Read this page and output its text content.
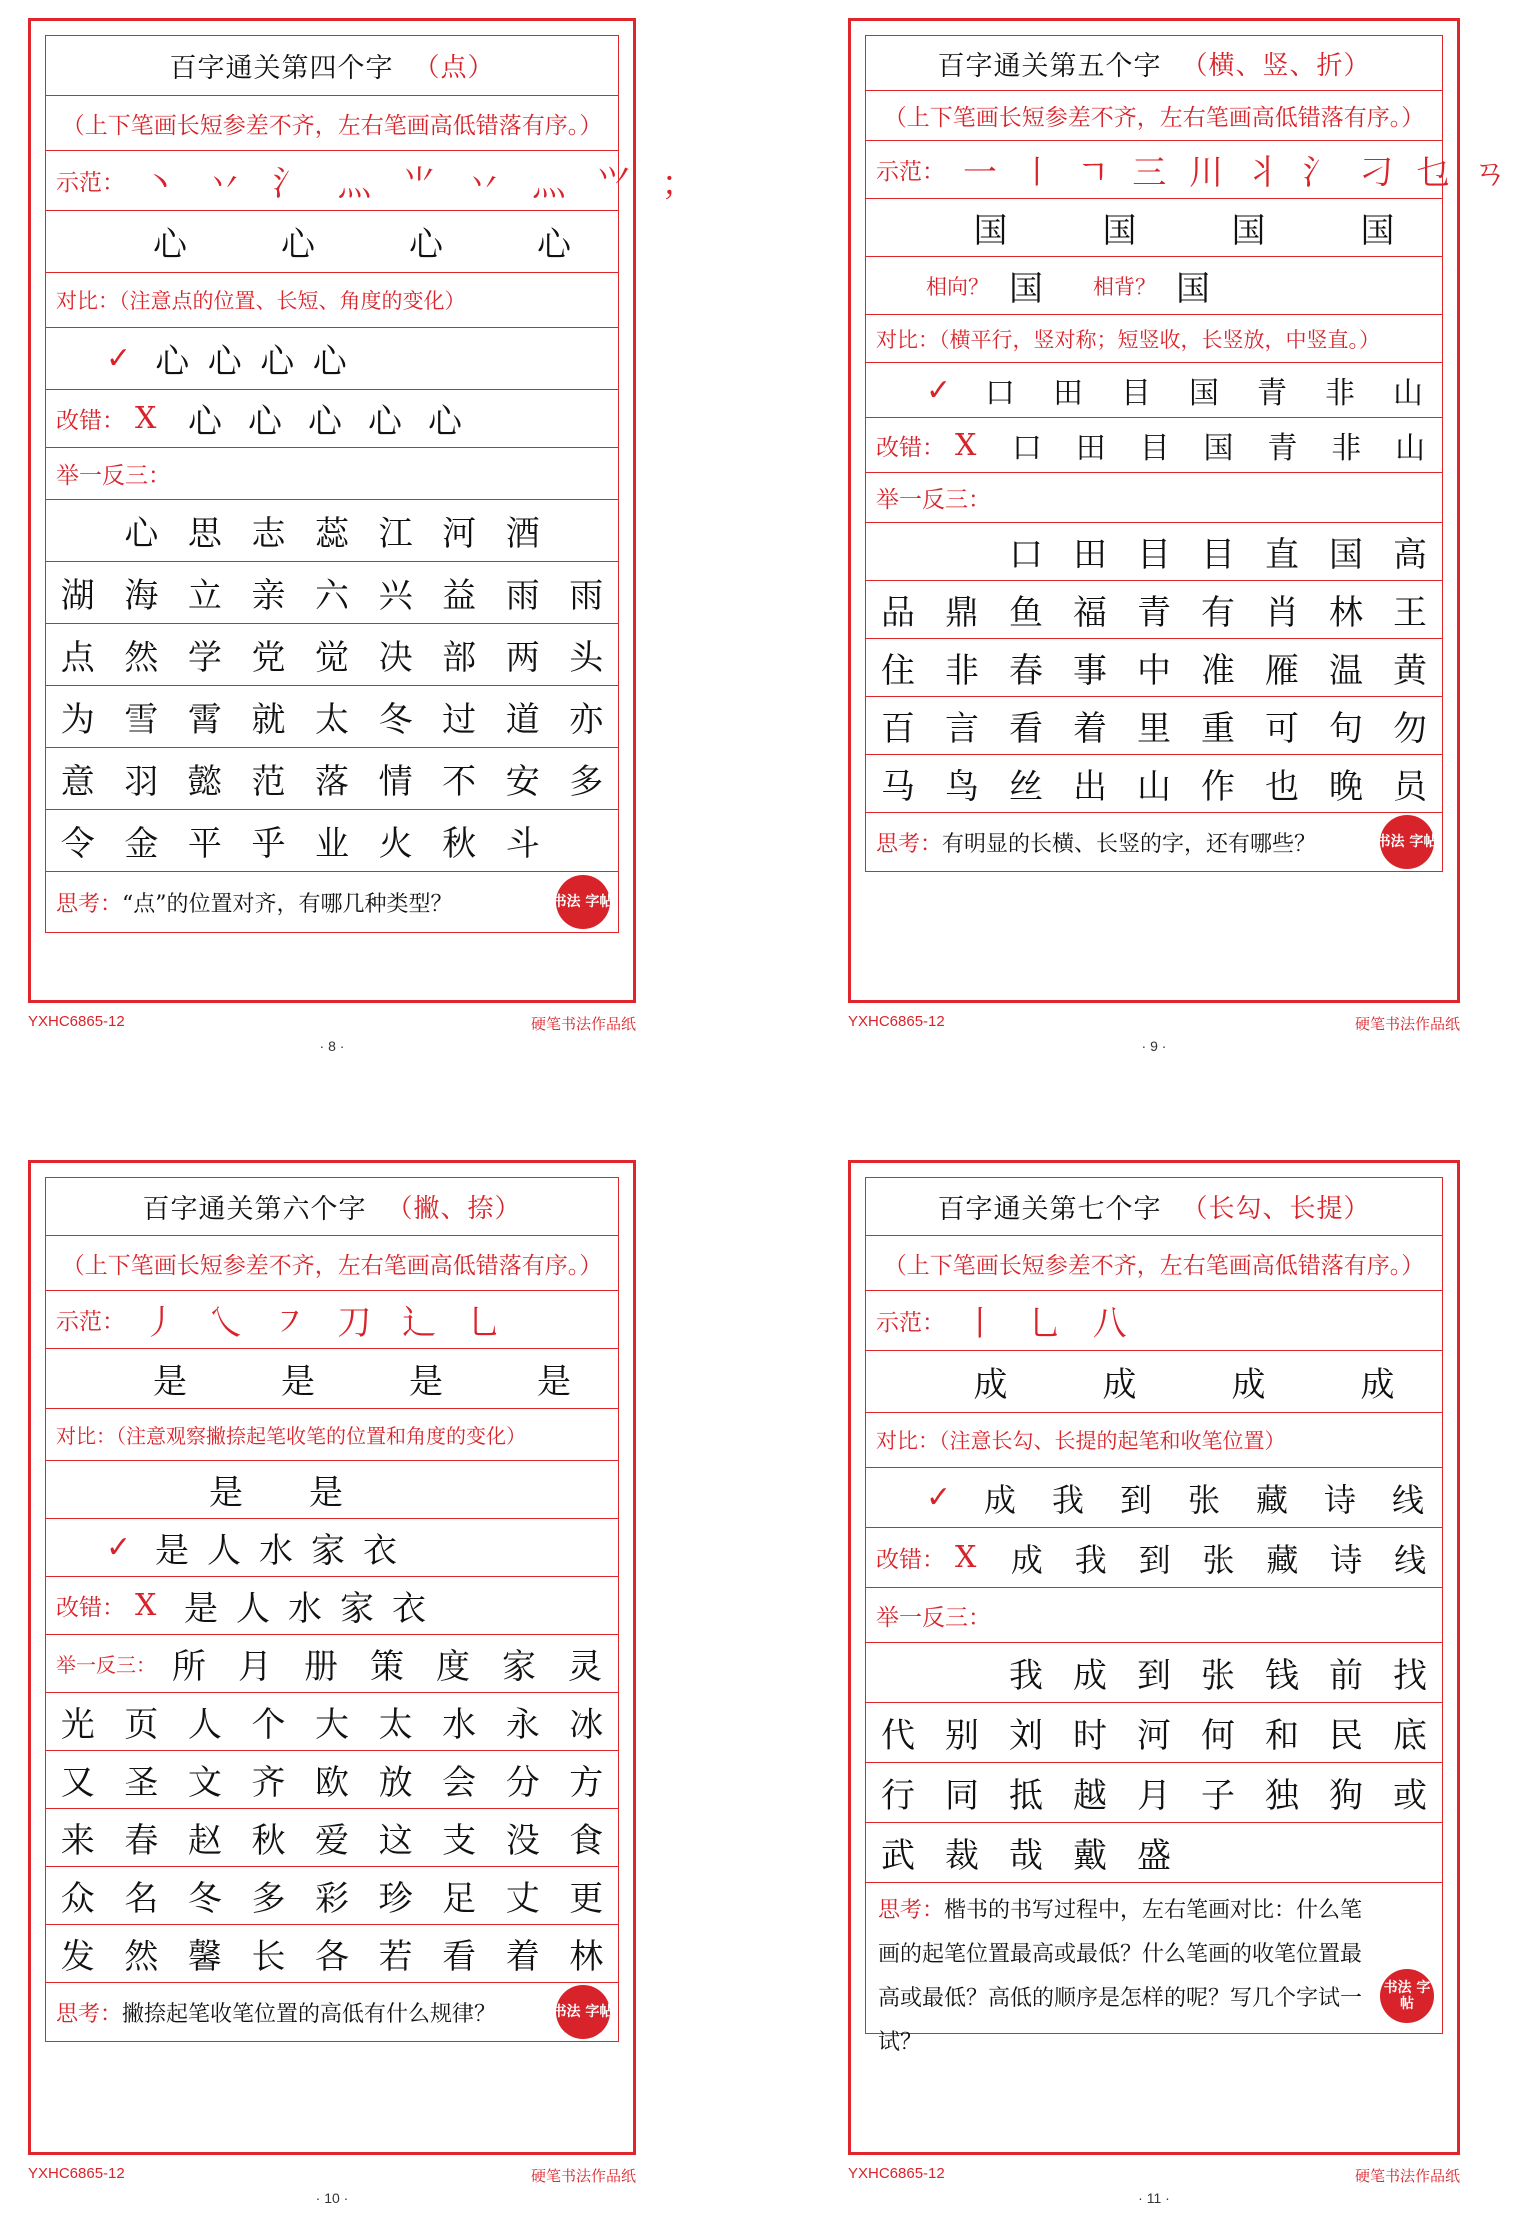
百字通关第四个字 （点）
（上下笔画长短参差不齐，左右笔画高低错落有序。）
示范： 丶 丷 氵 灬 ⺌ 丷 灬 ⺍ ；
心	心	心	心
对比：（注意点的位置、长短、角度的变化）
✓ 心 心 心 心
改错： X 心 心 心 心 心
举一反三：
心 思 志 蕊 江 河 酒
湖 海 立 亲 六 兴 益 雨 雨
点 然 学 党 觉 决 部 两 头
为 雪 霄 就 太 冬 过 道 亦
意 羽 懿 范 落 情 不 安 多
令 金 平 乎 业 火 秋 斗
思考： “点”的位置对齐，有哪几种类型？	书法 字帖
YXHC6865-12	硬笔书法作品纸
· 8 ·
百字通关第五个字 （横、竖、折）
（上下笔画长短参差不齐，左右笔画高低错落有序。）
示范： 一 〡 ㄱ 三 川 ⺦ ⺡ 刁 乜 ㄢ
国	国	国	国
相向？ 国	相背？ 国
对比：（横平行，竖对称；短竖收，长竖放，中竖直。）
✓	口	田	目	国	青	非	山
改错： X	口	田	目	国	青	非	山
举一反三：
口 田 目 目 直 国 高
品 鼎 鱼 福 青 有 肖 林 王
住 非 春 事 中 准 雁 温 黄
百 言 看 着 里 重 可 句 勿
马 鸟 丝 出 山 作 也 晚 员
思考： 有明显的长横、长竖的字，还有哪些？	书法 字帖
YXHC6865-12	硬笔书法作品纸
· 9 ·
百字通关第六个字 （撇、捺）
（上下笔画长短参差不齐，左右笔画高低错落有序。）
示范： 丿 乀 ㇇ 刀 ⻌ 乚
是	是	是	是
对比：（注意观察撇捺起笔收笔的位置和角度的变化）
是	是
✓ 是 人 水 家 衣
改错： X 是 人 水 家 衣
举一反三： 所 月 册 策 度 家 灵
光 页 人 个 大 太 水 永 冰
又 圣 文 齐 欧 放 会 分 方
来 春 赵 秋 爱 这 支 没 食
众 名 冬 多 彩 珍 足 丈 更
发 然 馨 长 各 若 看 着 林
思考： 撇捺起笔收笔位置的高低有什么规律？	书法 字帖
YXHC6865-12	硬笔书法作品纸
· 10 ·
百字通关第七个字 （长勾、长提）
（上下笔画长短参差不齐，左右笔画高低错落有序。）
示范： 丨 乚 八
成	成	成	成
对比：（注意长勾、长提的起笔和收笔位置）
✓	成	我	到	张	藏	诗	线
改错： X	成 我 到 张 藏 诗 线
举一反三：
我 成 到 张 钱 前 找
代 别 刘 时 河 何 和 民 底
行 同 抵 越 月 子 独 狗 或
武 裁 哉 戴 盛
思考：楷书的书写过程中，左右笔画对比：什么笔画的起笔位置最高或最低？什么笔画的收笔位置最高或最低？高低的顺序是怎样的呢？写几个字试一试？
书法 字帖
YXHC6865-12	硬笔书法作品纸
· 11 ·
